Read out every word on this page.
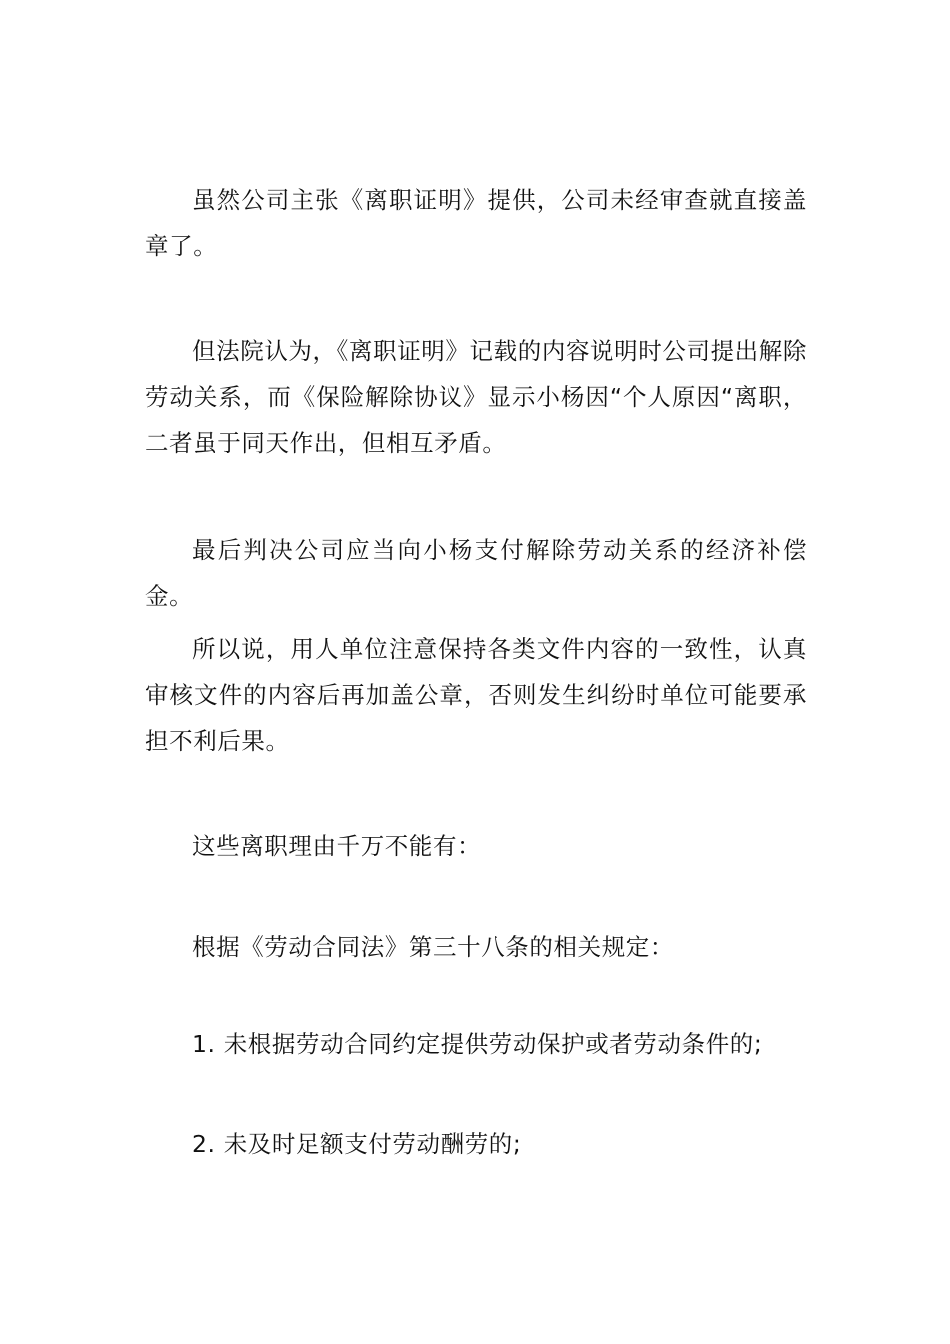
虽然公司主张《离职证明》提供，公司未经审查就直接盖章了。

但法院认为，《离职证明》记载的内容说明时公司提出解除劳动关系，而《保险解除协议》显示小杨因“个人原因“离职，二者虽于同天作出，但相互矛盾。

最后判决公司应当向小杨支付解除劳动关系的经济补偿金。

所以说，用人单位注意保持各类文件内容的一致性，认真审核文件的内容后再加盖公章，否则发生纠纷时单位可能要承担不利后果。

这些离职理由千万不能有：

根据《劳动合同法》第三十八条的相关规定：

1. 未根据劳动合同约定提供劳动保护或者劳动条件的;

2. 未及时足额支付劳动酬劳的;
